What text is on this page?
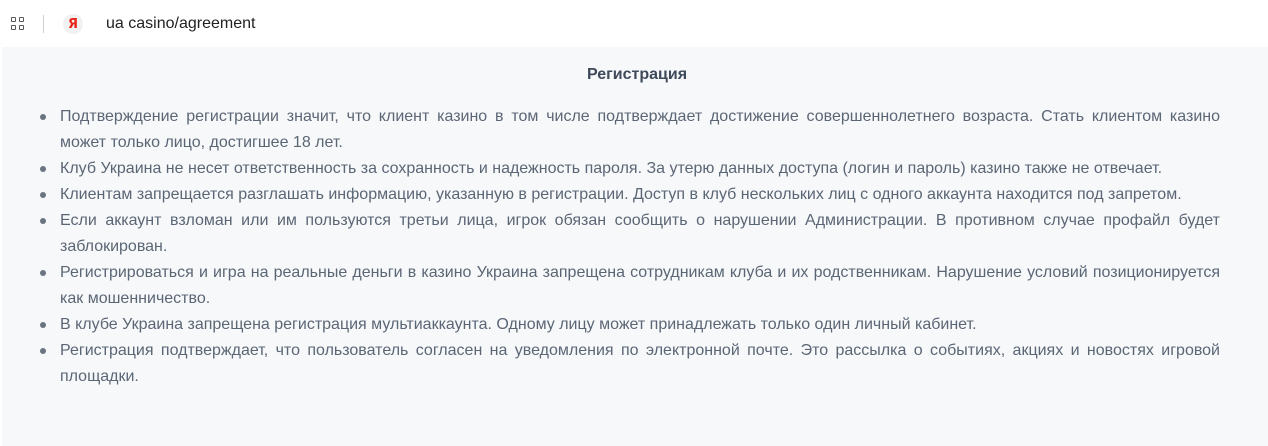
Я ua casino/agreement
Регистрация
Подтверждение регистрации значит, что клиент казино в том числе подтверждает достижение совершеннолетнего возраста. Стать клиентом казино может только лицо, достигшее 18 лет.
Клуб Украина не несет ответственность за сохранность и надежность пароля. За утерю данных доступа (логин и пароль) казино также не отвечает.
Клиентам запрещается разглашать информацию, указанную в регистрации. Доступ в клуб нескольких лиц с одного аккаунта находится под запретом.
Если аккаунт взломан или им пользуются третьи лица, игрок обязан сообщить о нарушении Администрации. В противном случае профайл будет заблокирован.
Регистрироваться и игра на реальные деньги в казино Украина запрещена сотрудникам клуба и их родственникам. Нарушение условий позиционируется как мошенничество.
В клубе Украина запрещена регистрация мультиаккаунта. Одному лицу может принадлежать только один личный кабинет.
Регистрация подтверждает, что пользователь согласен на уведомления по электронной почте. Это рассылка о событиях, акциях и новостях игровой площадки.
